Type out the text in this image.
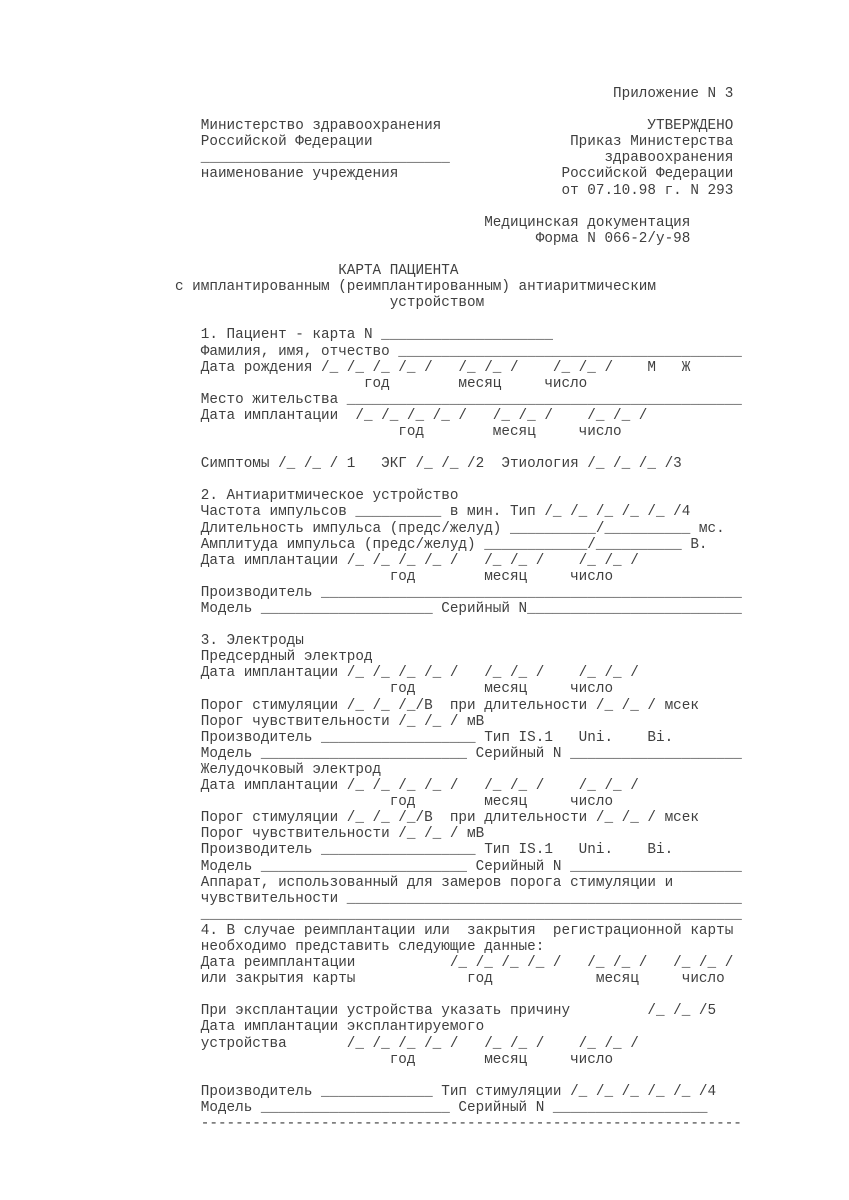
Приложение N 3
Министерство здравоохранения                        УТВЕРЖДЕНО
Российской Федерации                       Приказ Министерства
_____________________________                  здравоохранения
наименование учреждения                   Российской Федерации
от 07.10.98 г. N 293
Медицинская документация
Форма N 066-2/у-98
КАРТА ПАЦИЕНТА
с имплантированным (реимплантированным) антиаритмическим
устройством
1. Пациент - карта N ____________________
Фамилия, имя, отчество ________________________________________
Дата рождения /_ /_ /_ /_ /   /_ /_ /    /_ /_ /    М   Ж
год        месяц     число
Место жительства ______________________________________________
Дата имплантации  /_ /_ /_ /_ /   /_ /_ /    /_ /_ /
год        месяц     число
Симптомы /_ /_ / 1   ЭКГ /_ /_ /2  Этиология /_ /_ /_ /3
2. Антиаритмическое устройство
Частота импульсов __________ в мин. Тип /_ /_ /_ /_ /_ /4
Длительность импульса (предс/желуд) __________/__________ мс.
Амплитуда импульса (предс/желуд) ____________/__________ В.
Дата имплантации /_ /_ /_ /_ /   /_ /_ /    /_ /_ /
год        месяц     число
Производитель _________________________________________________
Модель ____________________ Серийный N_________________________
3. Электроды
Предсердный электрод
Дата имплантации /_ /_ /_ /_ /   /_ /_ /    /_ /_ /
год        месяц     число
Порог стимуляции /_ /_ /_/В  при длительности /_ /_ / мсек
Порог чувствительности /_ /_ / мВ
Производитель __________________ Тип IS.1   Uni.    Bi.
Модель ________________________ Серийный N ____________________
Желудочковый электрод
Дата имплантации /_ /_ /_ /_ /   /_ /_ /    /_ /_ /
год        месяц     число
Порог стимуляции /_ /_ /_/В  при длительности /_ /_ / мсек
Порог чувствительности /_ /_ / мВ
Производитель __________________ Тип IS.1   Uni.    Bi.
Модель ________________________ Серийный N ____________________
Аппарат, использованный для замеров порога стимуляции и
чувствительности ______________________________________________
_______________________________________________________________
4. В случае реимплантации или  закрытия  регистрационной карты
необходимо представить следующие данные:
Дата реимплантации           /_ /_ /_ /_ /   /_ /_ /   /_ /_ /
или закрытия карты             год            месяц     число
При эксплантации устройства указать причину         /_ /_ /5
Дата имплантации эксплантируемого
устройства       /_ /_ /_ /_ /   /_ /_ /    /_ /_ /
год        месяц     число
Производитель _____________ Тип стимуляции /_ /_ /_ /_ /_ /4
Модель ______________________ Серийный N __________________
---------------------------------------------------------------
